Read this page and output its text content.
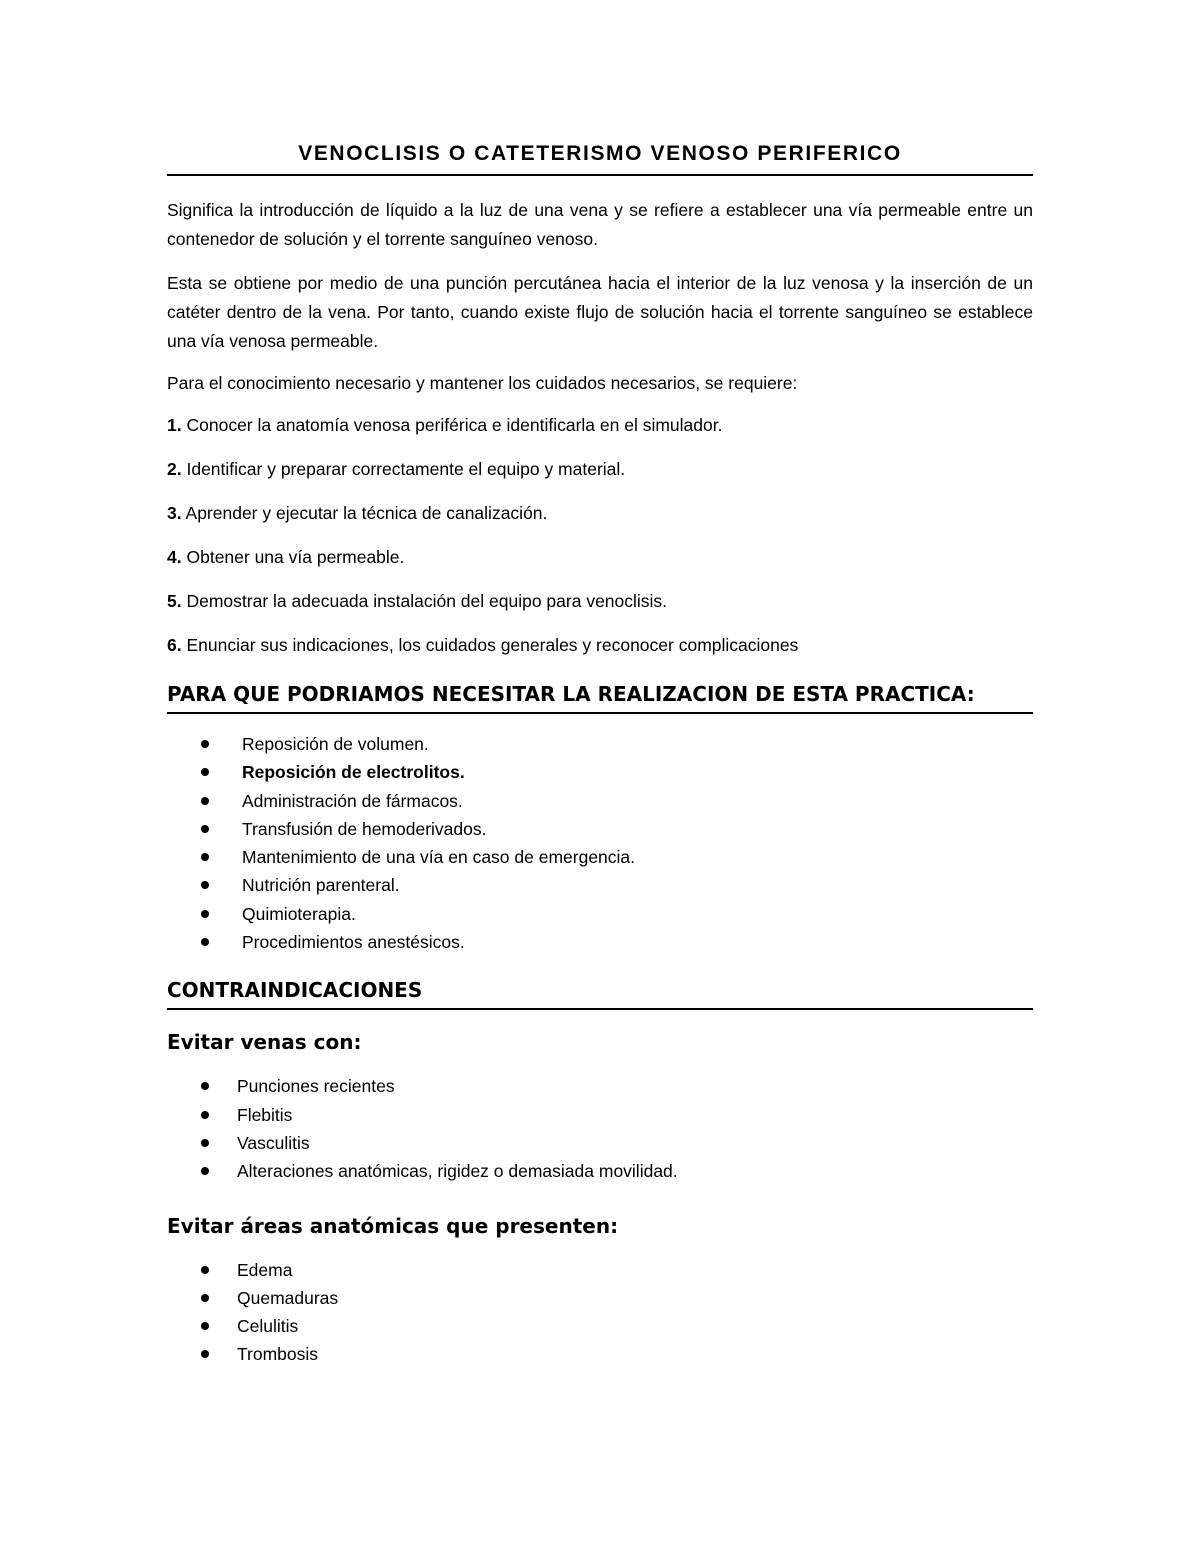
VENOCLISIS O CATETERISMO VENOSO PERIFERICO

Significa la introducción de líquido a la luz de una vena y se refiere a establecer una vía permeable entre un contenedor de solución y el torrente sanguíneo venoso.

Esta se obtiene por medio de una punción percutánea hacia el interior de la luz venosa y la inserción de un catéter dentro de la vena. Por tanto, cuando existe flujo de solución hacia el torrente sanguíneo se establece una vía venosa permeable.

Para el conocimiento necesario y mantener los cuidados necesarios, se requiere:

1. Conocer la anatomía venosa periférica e identificarla en el simulador.
2. Identificar y preparar correctamente el equipo y material.
3. Aprender y ejecutar la técnica de canalización.
4. Obtener una vía permeable.
5. Demostrar la adecuada instalación del equipo para venoclisis.
6. Enunciar sus indicaciones, los cuidados generales y reconocer complicaciones
PARA QUE PODRIAMOS NECESITAR LA REALIZACION DE ESTA PRACTICA:
Reposición de volumen.
Reposición de electrolitos.
Administración de fármacos.
Transfusión de hemoderivados.
Mantenimiento de una vía en caso de emergencia.
Nutrición parenteral.
Quimioterapia.
Procedimientos anestésicos.
CONTRAINDICACIONES
Evitar venas con:
Punciones recientes
Flebitis
Vasculitis
Alteraciones anatómicas, rigidez o demasiada movilidad.
Evitar áreas anatómicas que presenten:
Edema
Quemaduras
Celulitis
Trombosis
